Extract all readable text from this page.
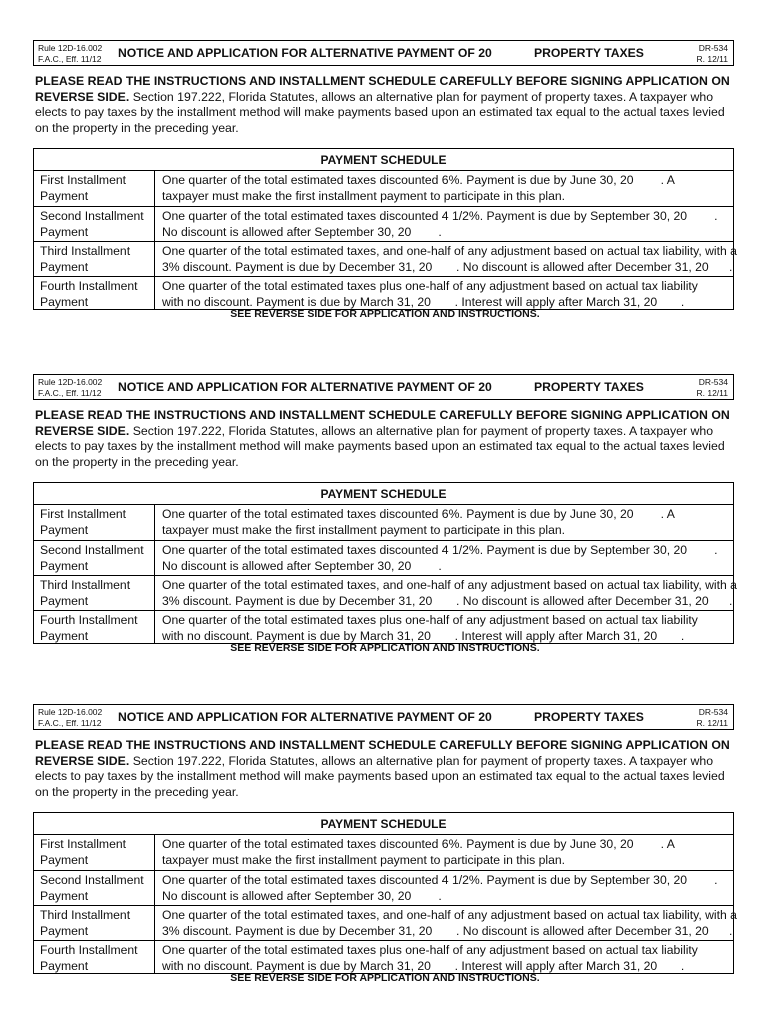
Rule 12D-16.002
F.A.C., Eff. 11/12 NOTICE AND APPLICATION FOR ALTERNATIVE PAYMENT OF 20	PROPERTY TAXES	DR-534
R. 12/11
PLEASE READ THE INSTRUCTIONS AND INSTALLMENT SCHEDULE CAREFULLY BEFORE SIGNING APPLICATION ON REVERSE SIDE. Section 197.222, Florida Statutes, allows an alternative plan for payment of property taxes. A taxpayer who elects to pay taxes by the installment method will make payments based upon an estimated tax equal to the actual taxes levied on the property in the preceding year.
PAYMENT SCHEDULE
First Installment
Payment
One quarter of the total estimated taxes discounted 6%. Payment is due by June 30, 20        . A
taxpayer must make the first installment payment to participate in this plan.
Second Installment
Payment
One quarter of the total estimated taxes discounted 4 1/2%. Payment is due by September 30, 20        .
No discount is allowed after September 30, 20        .
Third Installment
Payment
One quarter of the total estimated taxes, and one-half of any adjustment based on actual tax liability, with a
3% discount. Payment is due by December 31, 20       . No discount is allowed after December 31, 20      .
Fourth Installment
Payment
One quarter of the total estimated taxes plus one-half of any adjustment based on actual tax liability
with no discount. Payment is due by March 31, 20       . Interest will apply after March 31, 20       .
SEE REVERSE SIDE FOR APPLICATION AND INSTRUCTIONS.
Rule 12D-16.002
F.A.C., Eff. 11/12 NOTICE AND APPLICATION FOR ALTERNATIVE PAYMENT OF 20	PROPERTY TAXES	DR-534
R. 12/11
PLEASE READ THE INSTRUCTIONS AND INSTALLMENT SCHEDULE CAREFULLY BEFORE SIGNING APPLICATION ON REVERSE SIDE. Section 197.222, Florida Statutes, allows an alternative plan for payment of property taxes. A taxpayer who elects to pay taxes by the installment method will make payments based upon an estimated tax equal to the actual taxes levied on the property in the preceding year.
PAYMENT SCHEDULE
First Installment
Payment
One quarter of the total estimated taxes discounted 6%. Payment is due by June 30, 20        . A
taxpayer must make the first installment payment to participate in this plan.
Second Installment
Payment
One quarter of the total estimated taxes discounted 4 1/2%. Payment is due by September 30, 20        .
No discount is allowed after September 30, 20        .
Third Installment
Payment
One quarter of the total estimated taxes, and one-half of any adjustment based on actual tax liability, with a
3% discount. Payment is due by December 31, 20       . No discount is allowed after December 31, 20      .
Fourth Installment
Payment
One quarter of the total estimated taxes plus one-half of any adjustment based on actual tax liability
with no discount. Payment is due by March 31, 20       . Interest will apply after March 31, 20       .
SEE REVERSE SIDE FOR APPLICATION AND INSTRUCTIONS.
Rule 12D-16.002
F.A.C., Eff. 11/12 NOTICE AND APPLICATION FOR ALTERNATIVE PAYMENT OF 20	PROPERTY TAXES	DR-534
R. 12/11
PLEASE READ THE INSTRUCTIONS AND INSTALLMENT SCHEDULE CAREFULLY BEFORE SIGNING APPLICATION ON REVERSE SIDE. Section 197.222, Florida Statutes, allows an alternative plan for payment of property taxes. A taxpayer who elects to pay taxes by the installment method will make payments based upon an estimated tax equal to the actual taxes levied on the property in the preceding year.
PAYMENT SCHEDULE
First Installment
Payment
One quarter of the total estimated taxes discounted 6%. Payment is due by June 30, 20        . A
taxpayer must make the first installment payment to participate in this plan.
Second Installment
Payment
One quarter of the total estimated taxes discounted 4 1/2%. Payment is due by September 30, 20        .
No discount is allowed after September 30, 20        .
Third Installment
Payment
One quarter of the total estimated taxes, and one-half of any adjustment based on actual tax liability, with a
3% discount. Payment is due by December 31, 20       . No discount is allowed after December 31, 20      .
Fourth Installment
Payment
One quarter of the total estimated taxes plus one-half of any adjustment based on actual tax liability
with no discount. Payment is due by March 31, 20       . Interest will apply after March 31, 20       .
SEE REVERSE SIDE FOR APPLICATION AND INSTRUCTIONS.
